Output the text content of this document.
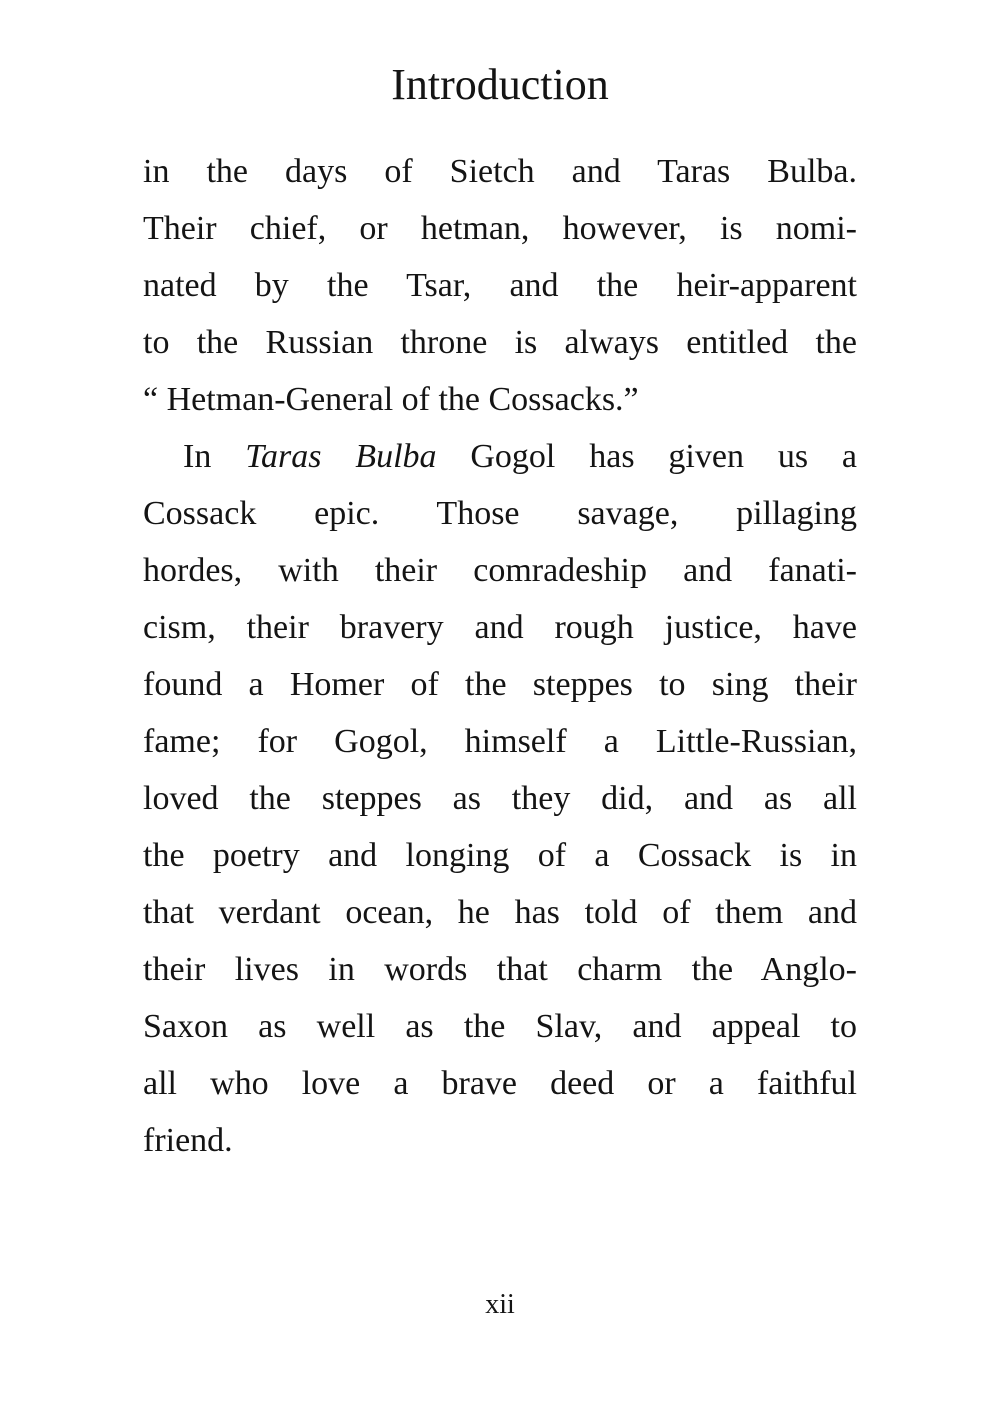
Introduction
in the days of Sietch and Taras Bulba.
Their chief, or hetman, however, is nomi-
nated by the Tsar, and the heir-apparent
to the Russian throne is always entitled the
“ Hetman-General of the Cossacks.”
In Taras Bulba Gogol has given us a
Cossack epic. Those savage, pillaging
hordes, with their comradeship and fanati-
cism, their bravery and rough justice, have
found a Homer of the steppes to sing their
fame; for Gogol, himself a Little-Russian,
loved the steppes as they did, and as all
the poetry and longing of a Cossack is in
that verdant ocean, he has told of them and
their lives in words that charm the Anglo-
Saxon as well as the Slav, and appeal to
all who love a brave deed or a faithful
friend.
xii
